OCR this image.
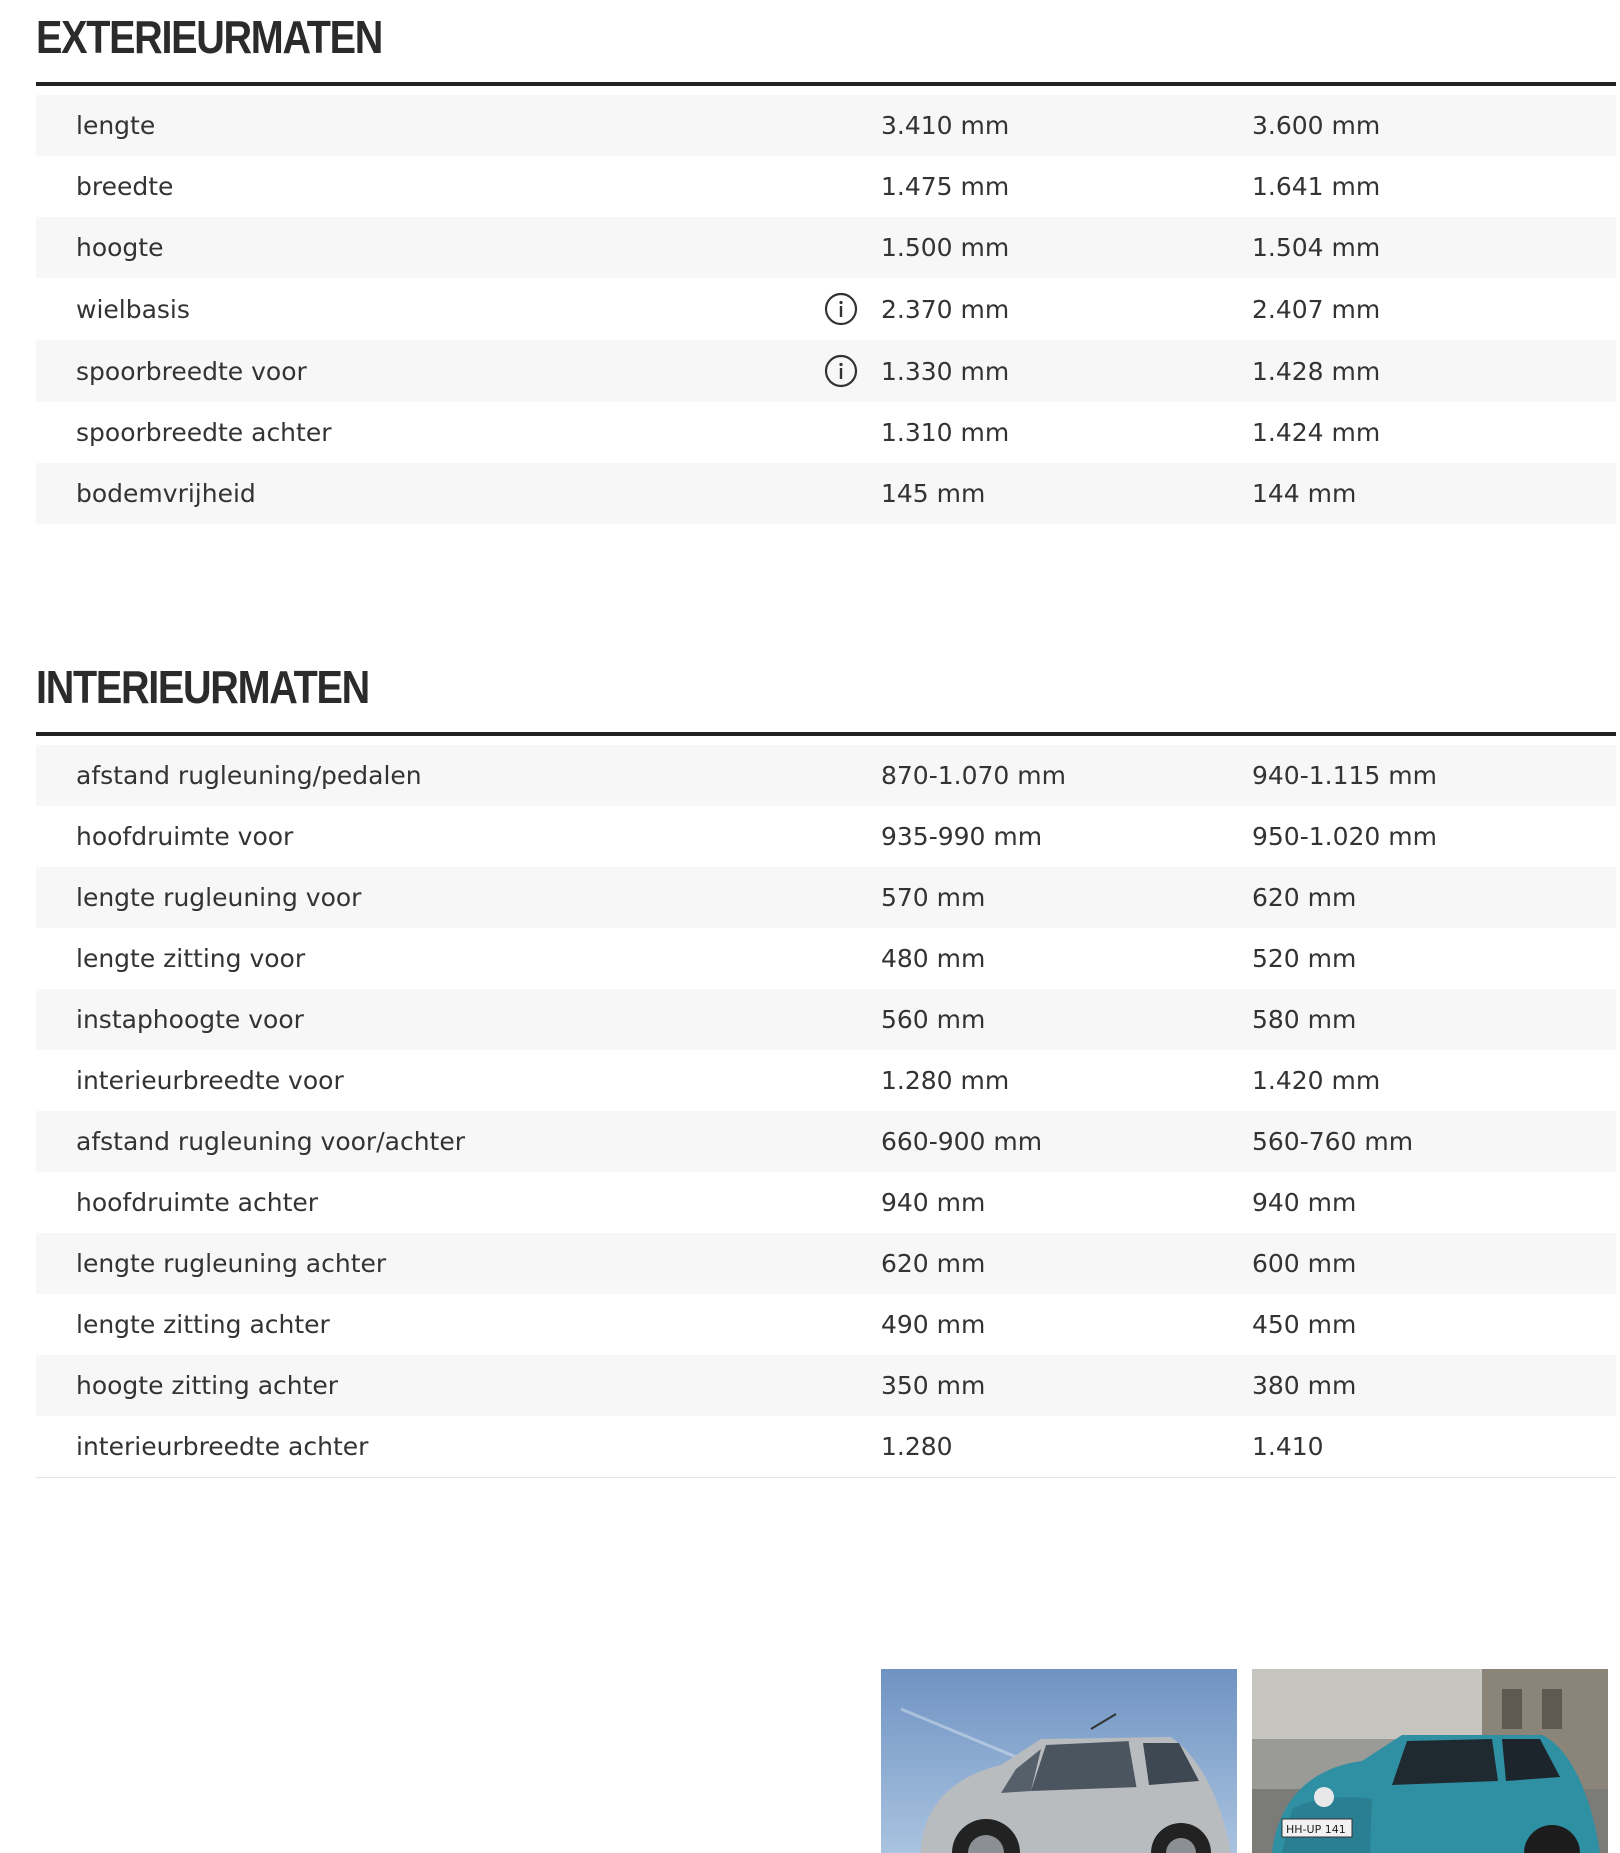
EXTERIEURMATEN
lengte	3.410 mm	3.600 mm
breedte	1.475 mm	1.641 mm
hoogte	1.500 mm	1.504 mm
wielbasis	2.370 mm	2.407 mm
spoorbreedte voor	1.330 mm	1.428 mm
spoorbreedte achter	1.310 mm	1.424 mm
bodemvrijheid	145 mm	144 mm
INTERIEURMATEN
afstand rugleuning/pedalen	870-1.070 mm	940-1.115 mm
hoofdruimte voor	935-990 mm	950-1.020 mm
lengte rugleuning voor	570 mm	620 mm
lengte zitting voor	480 mm	520 mm
instaphoogte voor	560 mm	580 mm
interieurbreedte voor	1.280 mm	1.420 mm
afstand rugleuning voor/achter	660-900 mm	560-760 mm
hoofdruimte achter	940 mm	940 mm
lengte rugleuning achter	620 mm	600 mm
lengte zitting achter	490 mm	450 mm
hoogte zitting achter	350 mm	380 mm
interieurbreedte achter	1.280	1.410
HH-UP 141
